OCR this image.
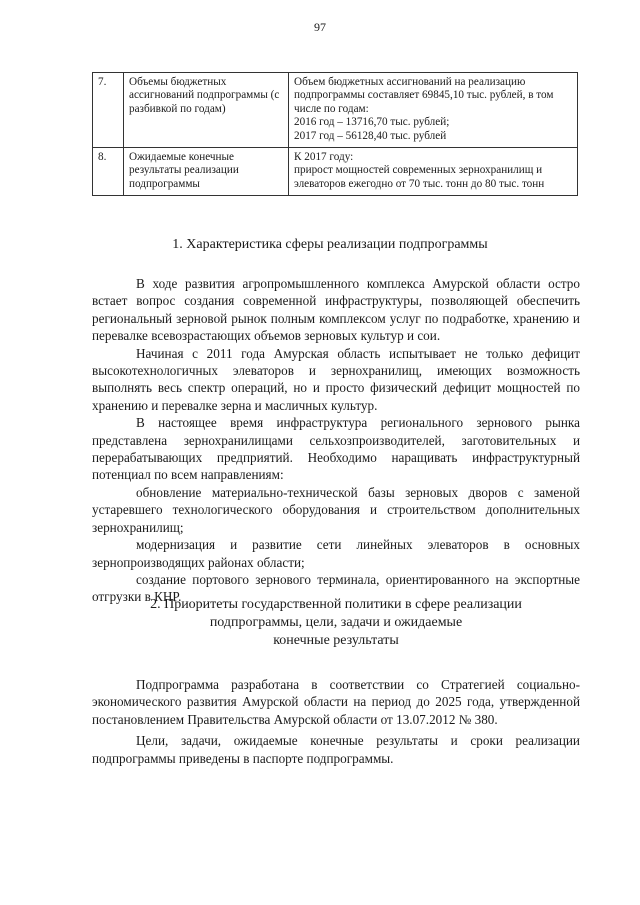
97
7.	Объемы бюджетных ассигнований подпрограммы (с разбивкой по годам)	Объем бюджетных ассигнований на реализацию подпрограммы составляет 69845,10 тыс. рублей, в том числе по годам:
2016 год – 13716,70 тыс. рублей;
2017 год – 56128,40 тыс. рублей

8.	Ожидаемые конечные результаты реализации подпрограммы	К 2017 году:
прирост мощностей современных зернохранилищ и элеваторов ежегодно от 70 тыс. тонн до 80 тыс. тонн
1. Характеристика сферы реализации подпрограммы

В ходе развития агропромышленного комплекса Амурской области остро встает вопрос создания современной инфраструктуры, позволяющей обеспечить региональный зерновой рынок полным комплексом услуг по подработке, хранению и перевалке всевозрастающих объемов зерновых культур и сои.

Начиная с 2011 года Амурская область испытывает не только дефицит высокотехнологичных элеваторов и зернохранилищ, имеющих возможность выполнять весь спектр операций, но и просто физический дефицит мощностей по хранению и перевалке зерна и масличных культур.

В настоящее время инфраструктура регионального зернового рынка представлена зернохранилищами сельхозпроизводителей, заготовительных и перерабатывающих предприятий. Необходимо наращивать инфраструктурный потенциал по всем направлениям:

обновление материально-технической базы зерновых дворов с заменой устаревшего технологического оборудования и строительством дополнительных зернохранилищ;

модернизация и развитие сети линейных элеваторов в основных зернопроизводящих районах области;

создание портового зернового терминала, ориентированного на экспортные отгрузки в КНР.

2. Приоритеты государственной политики в сфере реализации
подпрограммы, цели, задачи и ожидаемые
конечные результаты

Подпрограмма разработана в соответствии со Стратегией социально-экономического развития Амурской области на период до 2025 года, утвержденной постановлением Правительства Амурской области от 13.07.2012 № 380.

Цели, задачи, ожидаемые конечные результаты и сроки реализации подпрограммы приведены в паспорте подпрограммы.
